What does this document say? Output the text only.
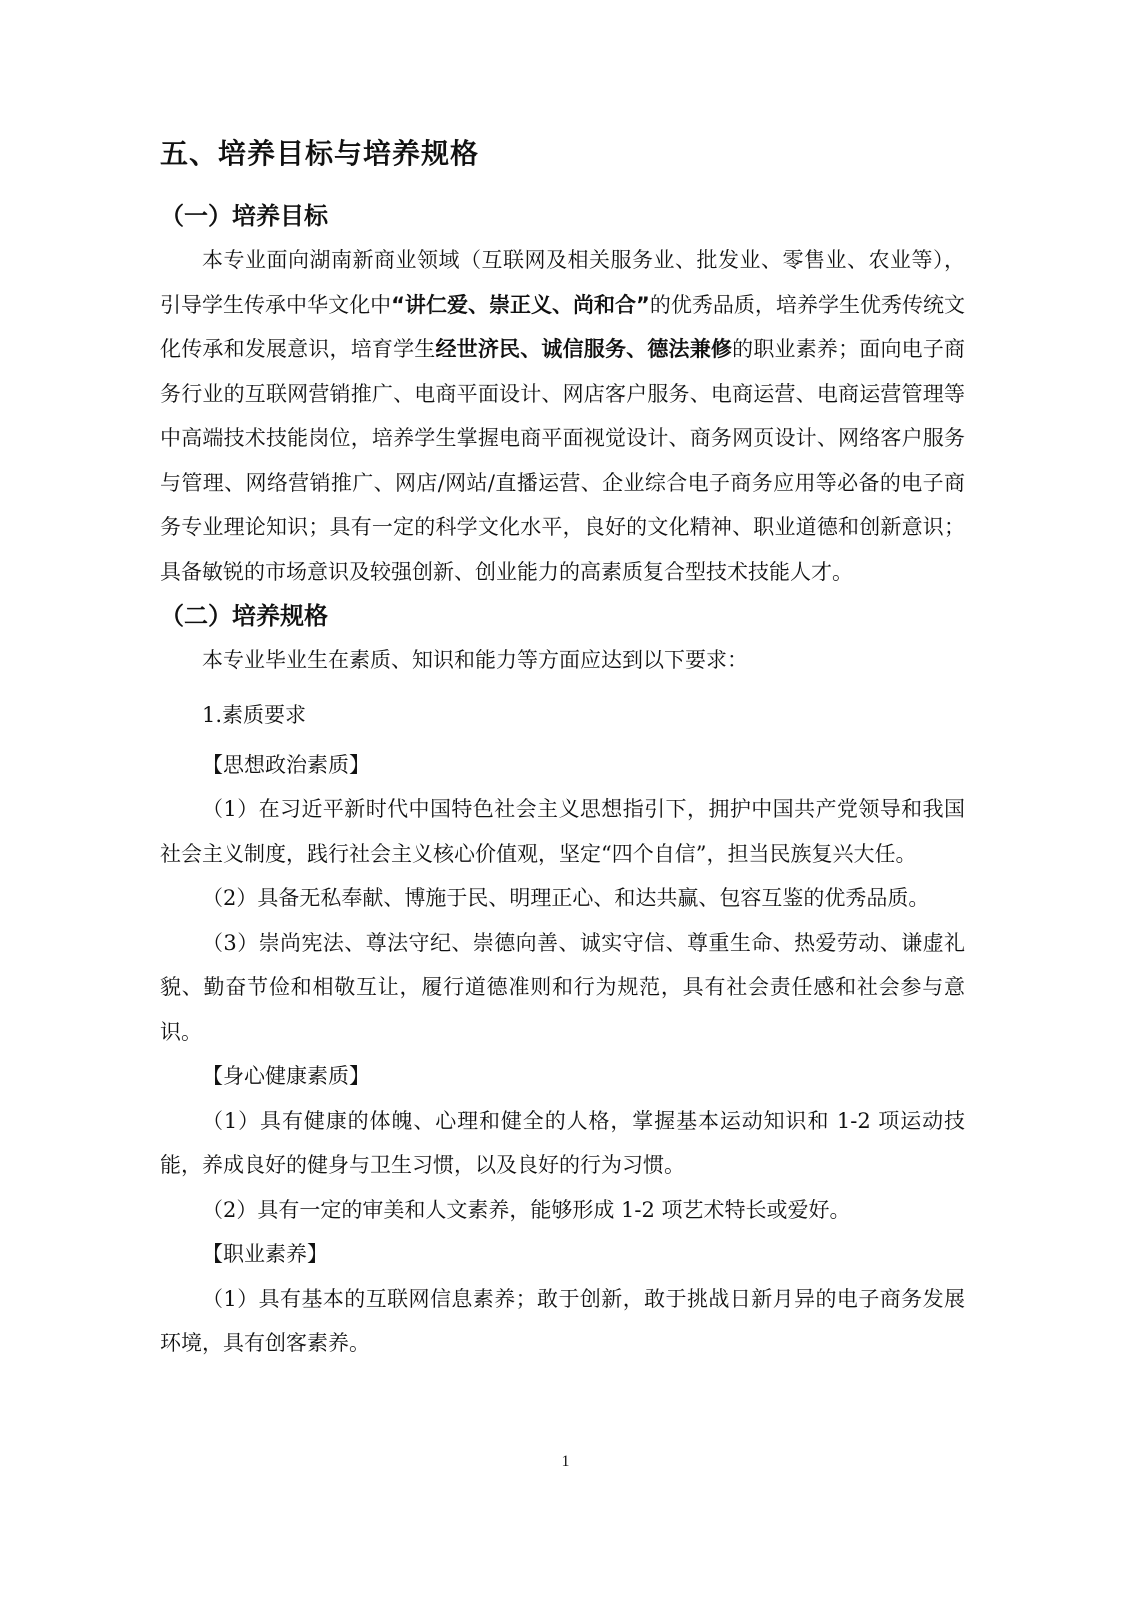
五、培养目标与培养规格
（一）培养目标

本专业面向湖南新商业领域（互联网及相关服务业、批发业、零售业、农业等），引导学生传承中华文化中“讲仁爱、崇正义、尚和合”的优秀品质，培养学生优秀传统文化传承和发展意识，培育学生经世济民、诚信服务、德法兼修的职业素养；面向电子商务行业的互联网营销推广、电商平面设计、网店客户服务、电商运营、电商运营管理等中高端技术技能岗位，培养学生掌握电商平面视觉设计、商务网页设计、网络客户服务与管理、网络营销推广、网店/网站/直播运营、企业综合电子商务应用等必备的电子商务专业理论知识；具有一定的科学文化水平，良好的文化精神、职业道德和创新意识；具备敏锐的市场意识及较强创新、创业能力的高素质复合型技术技能人才。

（二）培养规格

本专业毕业生在素质、知识和能力等方面应达到以下要求：

1.素质要求

【思想政治素质】

（1）在习近平新时代中国特色社会主义思想指引下，拥护中国共产党领导和我国社会主义制度，践行社会主义核心价值观，坚定“四个自信”，担当民族复兴大任。

（2）具备无私奉献、博施于民、明理正心、和达共赢、包容互鉴的优秀品质。

（3）崇尚宪法、尊法守纪、崇德向善、诚实守信、尊重生命、热爱劳动、谦虚礼貌、勤奋节俭和相敬互让，履行道德准则和行为规范，具有社会责任感和社会参与意识。

【身心健康素质】

（1）具有健康的体魄、心理和健全的人格，掌握基本运动知识和 1-2 项运动技能，养成良好的健身与卫生习惯，以及良好的行为习惯。

（2）具有一定的审美和人文素养，能够形成 1-2 项艺术特长或爱好。

【职业素养】

（1）具有基本的互联网信息素养；敢于创新，敢于挑战日新月异的电子商务发展环境，具有创客素养。

1
